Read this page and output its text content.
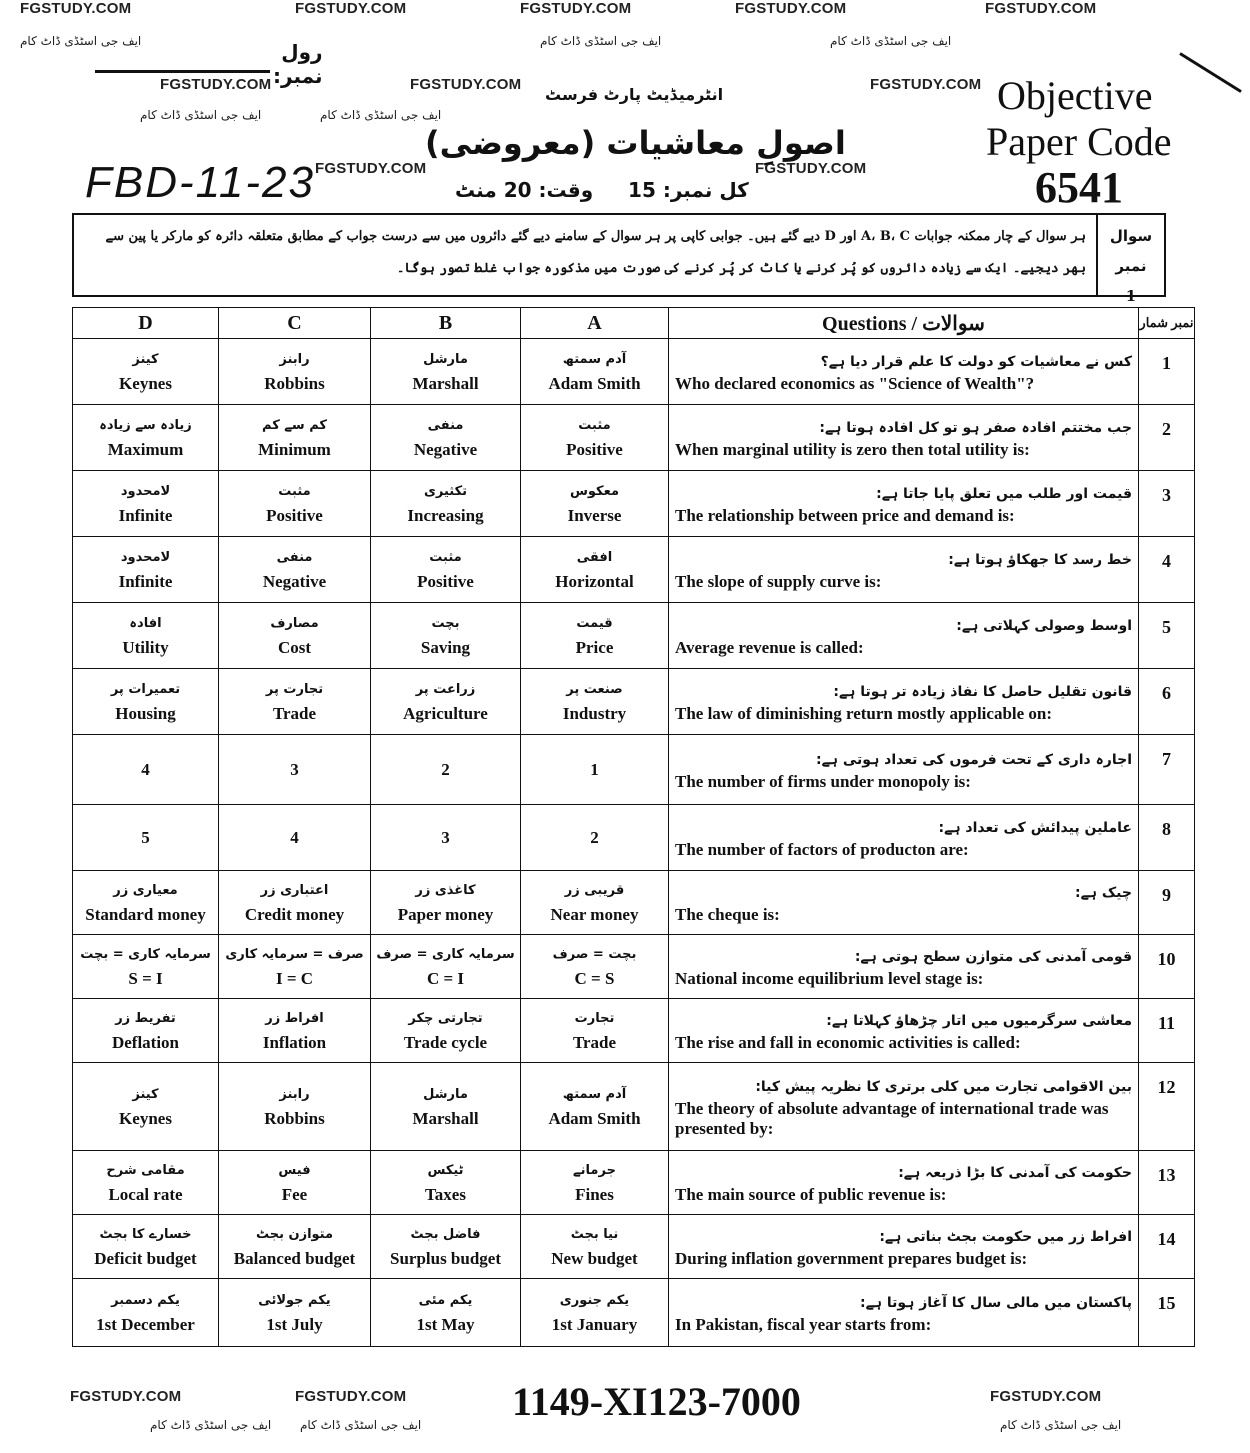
FGSTUDY.COM	FGSTUDY.COM	FGSTUDY.COM	FGSTUDY.COM	FGSTUDY.COM
ایف جی اسٹڈی ڈاٹ کام	ایف جی اسٹڈی ڈاٹ کام	ایف جی اسٹڈی ڈاٹ کام
FGSTUDY.COM	FGSTUDY.COM	FGSTUDY.COM
ایف جی اسٹڈی ڈاٹ کام	ایف جی اسٹڈی ڈاٹ کام
FGSTUDY.COM	FGSTUDY.COM
رول نمبر:
انٹرمیڈیٹ پارٹ فرسٹ
اصولِ معاشیات (معروضی)
کل نمبر: 15     وقت: 20 منٹ
FBD-11-23
Objective
Paper Code
6541
ہر سوال کے چار ممکنہ جوابات A، B، C اور D دیے گئے ہیں۔ جوابی کاپی پر ہر سوال کے سامنے دیے گئے دائروں میں سے درست جواب کے مطابق متعلقہ دائرہ کو مارکر یا پین سے
بھر دیجیے۔ ایک سے زیادہ دائروں کو پُر کرنے یا کاٹ کر پُر کرنے کی صورت میں مذکورہ جواب غلط تصور ہوگا۔
سوال نمبر
1
D	C	B	A	Questions / سوالات	نمبر شمار

کینز
Keynes	رابنز
Robbins	مارشل
Marshall	آدم سمتھ
Adam Smith	کس نے معاشیات کو دولت کا علم قرار دیا ہے؟
Who declared economics as "Science of Wealth"?	1

زیادہ سے زیادہ
Maximum	کم سے کم
Minimum	منفی
Negative	مثبت
Positive	جب مختتم افادہ صفر ہو تو کل افادہ ہوتا ہے:
When marginal utility is zero then total utility is:	2

لامحدود
Infinite	مثبت
Positive	تکثیری
Increasing	معکوس
Inverse	قیمت اور طلب میں تعلق پایا جاتا ہے:
The relationship between price and demand is:	3

لامحدود
Infinite	منفی
Negative	مثبت
Positive	افقی
Horizontal	خط رسد کا جھکاؤ ہوتا ہے:
The slope of supply curve is:	4

افادہ
Utility	مصارف
Cost	بچت
Saving	قیمت
Price	اوسط وصولی کہلاتی ہے:
Average revenue is called:	5

تعمیرات پر
Housing	تجارت پر
Trade	زراعت پر
Agriculture	صنعت پر
Industry	قانون تقلیل حاصل کا نفاذ زیادہ تر ہوتا ہے:
The law of diminishing return mostly applicable on:	6

4	3	2	1	اجارہ داری کے تحت فرموں کی تعداد ہوتی ہے:
The number of firms under monopoly is:	7

5	4	3	2	عاملین پیدائش کی تعداد ہے:
The number of factors of producton are:	8

معیاری زر
Standard money	اعتباری زر
Credit money	کاغذی زر
Paper money	قریبی زر
Near money	چیک ہے:
The cheque is:	9

سرمایہ کاری = بچت
S = I	صرف = سرمایہ کاری
I = C	سرمایہ کاری = صرف
C = I	بچت = صرف
C = S	قومی آمدنی کی متوازن سطح ہوتی ہے:
National income equilibrium level stage is:	10

تفریط زر
Deflation	افراط زر
Inflation	تجارتی چکر
Trade cycle	تجارت
Trade	معاشی سرگرمیوں میں اتار چڑھاؤ کہلاتا ہے:
The rise and fall in economic activities is called:	11

کینز
Keynes	رابنز
Robbins	مارشل
Marshall	آدم سمتھ
Adam Smith	بین الاقوامی تجارت میں کلی برتری کا نظریہ پیش کیا:
The theory of absolute advantage of international trade was presented by:	12

مقامی شرح
Local rate	فیس
Fee	ٹیکس
Taxes	جرمانے
Fines	حکومت کی آمدنی کا بڑا ذریعہ ہے:
The main source of public revenue is:	13

خسارے کا بجٹ
Deficit budget	متوازن بجٹ
Balanced budget	فاضل بجٹ
Surplus budget	نیا بجٹ
New budget	افراط زر میں حکومت بجٹ بناتی ہے:
During inflation government prepares budget is:	14

یکم دسمبر
1st December	یکم جولائی
1st July	یکم مئی
1st May	یکم جنوری
1st January	پاکستان میں مالی سال کا آغاز ہوتا ہے:
In Pakistan, fiscal year starts from:	15
FGSTUDY.COM	FGSTUDY.COM	FGSTUDY.COM
ایف جی اسٹڈی ڈاٹ کام ایف جی اسٹڈی ڈاٹ کام	ایف جی اسٹڈی ڈاٹ کام
1149-XI123-7000
